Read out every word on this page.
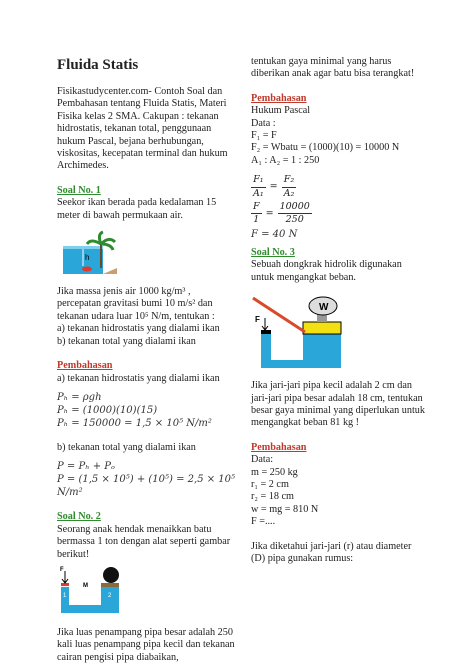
Fluida Statis

Fisikastudycenter.com- Contoh Soal dan Pembahasan tentang Fluida Statis, Materi Fisika kelas 2 SMA. Cakupan : tekanan hidrostatis, tekanan total, penggunaan hukum Pascal, bejana berhubungan, viskositas, kecepatan terminal dan hukum Archimedes.

Soal No. 1

Seekor ikan berada pada kedalaman 15 meter di bawah permukaan air.

h

Jika massa jenis air 1000 kg/m³ , percepatan gravitasi bumi 10 m/s² dan tekanan udara luar 10⁵ N/m, tentukan :
a) tekanan hidrostatis yang dialami ikan
b) tekanan total yang dialami ikan

Pembahasan

a) tekanan hidrostatis yang dialami ikan

Pₕ = ρgh
Pₕ = (1000)(10)(15)
Pₕ = 150000 = 1,5 × 10⁵ N/m²

b) tekanan total yang dialami ikan

P = Pₕ + Pₒ
P = (1,5 × 10⁵) + (10⁵) = 2,5 × 10⁵ N/m²

Soal No. 2

Seorang anak hendak menaikkan batu bermassa 1 ton dengan alat seperti gambar berikut!

F
M
1	2

Jika luas penampang pipa besar adalah 250 kali luas penampang pipa kecil dan tekanan cairan pengisi pipa diabaikan,

tentukan gaya minimal yang harus diberikan anak agar batu bisa terangkat!

Pembahasan

Hukum Pascal
Data :
F₁ = F
F₂ = Wbatu = (1000)(10) = 10000 N
A₁ : A₂ = 1 : 250

$\frac{\text{F₁}}{\text{A₁}} = \frac{\text{F₂}}{\text{A₂}}$
$\frac{F}{1} = \frac{10000}{250}$

F = 40 N

Soal No. 3

Sebuah dongkrak hidrolik digunakan untuk mengangkat beban.

W
F

Jika jari-jari pipa kecil adalah 2 cm dan jari-jari pipa besar adalah 18 cm, tentukan besar gaya minimal yang diperlukan untuk mengangkat beban 81 kg !

Pembahasan

Data:
m = 250 kg
r₁ = 2 cm
r₂ = 18 cm
w = mg = 810 N
F =....

Jika diketahui jari-jari (r) atau diameter (D) pipa gunakan rumus:
